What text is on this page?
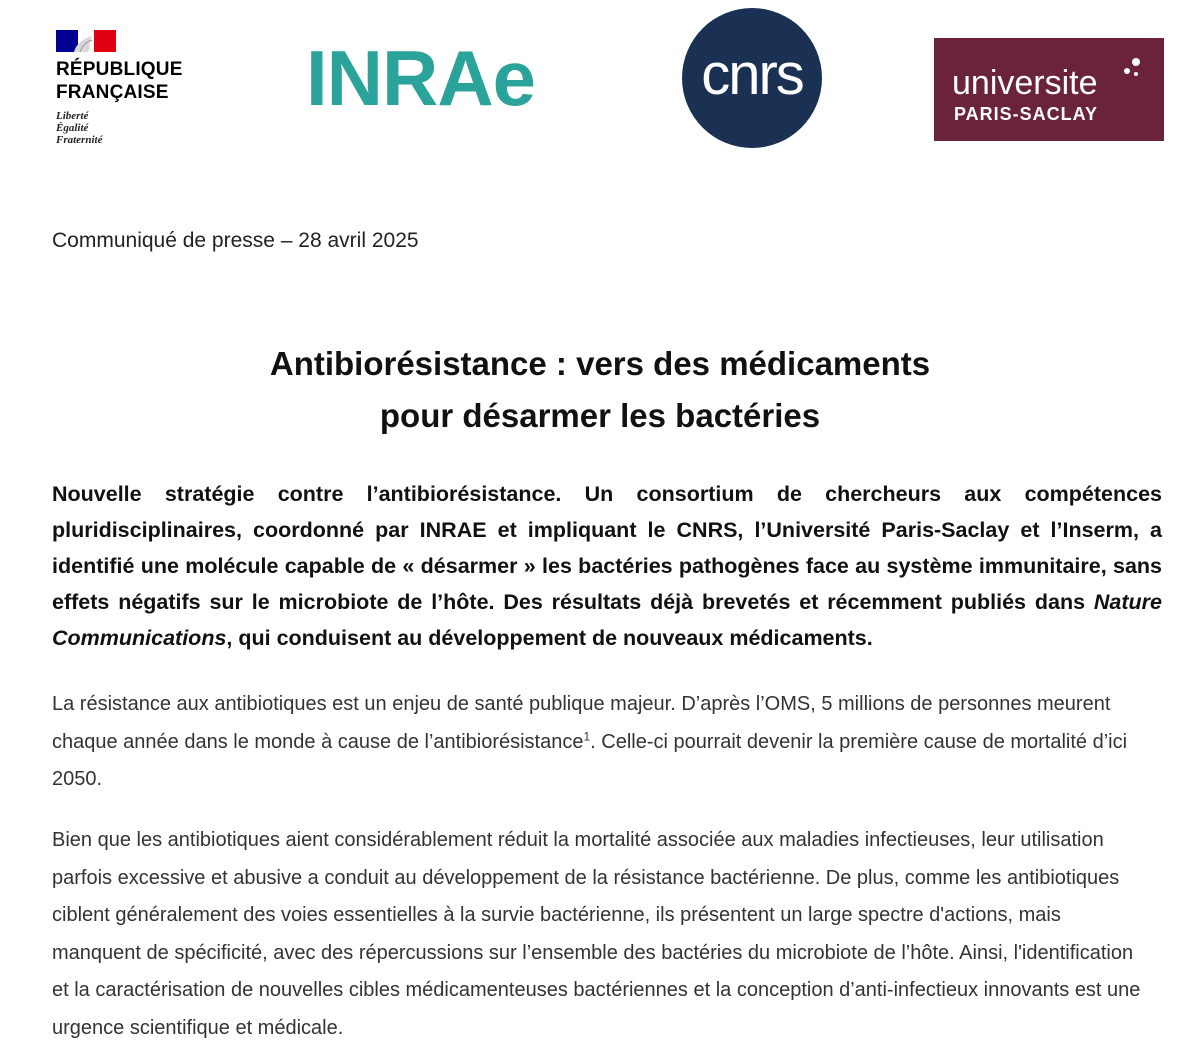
RÉPUBLIQUE
FRANÇAISE
Liberté
Égalité
Fraternité
INRAe	cnrs	universite
PARIS-SACLAY
Communiqué de presse – 28 avril 2025
Antibiorésistance : vers des médicaments
pour désarmer les bactéries
Nouvelle stratégie contre l’antibiorésistance. Un consortium de chercheurs aux compétences pluridisciplinaires, coordonné par INRAE et impliquant le CNRS, l’Université Paris-Saclay et l’Inserm, a identifié une molécule capable de « désarmer » les bactéries pathogènes face au système immunitaire, sans effets négatifs sur le microbiote de l’hôte. Des résultats déjà brevetés et récemment publiés dans Nature Communications, qui conduisent au développement de nouveaux médicaments.
La résistance aux antibiotiques est un enjeu de santé publique majeur. D’après l’OMS, 5 millions de personnes meurent chaque année dans le monde à cause de l’antibiorésistance$^1$. Celle-ci pourrait devenir la première cause de mortalité d’ici 2050.
Bien que les antibiotiques aient considérablement réduit la mortalité associée aux maladies infectieuses, leur utilisation parfois excessive et abusive a conduit au développement de la résistance bactérienne. De plus, comme les antibiotiques ciblent généralement des voies essentielles à la survie bactérienne, ils présentent un large spectre d'actions, mais manquent de spécificité, avec des répercussions sur l’ensemble des bactéries du microbiote de l’hôte. Ainsi, l'identification et la caractérisation de nouvelles cibles médicamenteuses bactériennes et la conception d’anti-infectieux innovants est une urgence scientifique et médicale.
